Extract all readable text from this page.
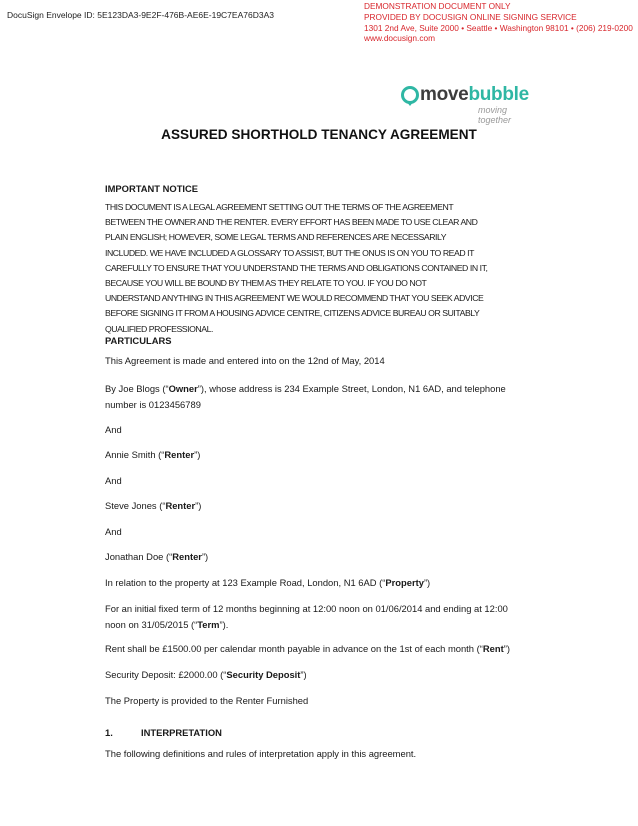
DocuSign Envelope ID: 5E123DA3-9E2F-476B-AE6E-19C7EA76D3A3
DEMONSTRATION DOCUMENT ONLY
PROVIDED BY DOCUSIGN ONLINE SIGNING SERVICE
1301 2nd Ave, Suite 2000 • Seattle • Washington 98101 • (206) 219-0200
www.docusign.com
movebubble
moving together
ASSURED SHORTHOLD TENANCY AGREEMENT

IMPORTANT NOTICE

THIS DOCUMENT IS A LEGAL AGREEMENT SETTING OUT THE TERMS OF THE AGREEMENT
BETWEEN THE OWNER AND THE RENTER. EVERY EFFORT HAS BEEN MADE TO USE CLEAR AND
PLAIN ENGLISH; HOWEVER, SOME LEGAL TERMS AND REFERENCES ARE NECESSARILY
INCLUDED. WE HAVE INCLUDED A GLOSSARY TO ASSIST, BUT THE ONUS IS ON YOU TO READ IT
CAREFULLY TO ENSURE THAT YOU UNDERSTAND THE TERMS AND OBLIGATIONS CONTAINED IN IT,
BECAUSE YOU WILL BE BOUND BY THEM AS THEY RELATE TO YOU. IF YOU DO NOT
UNDERSTAND ANYTHING IN THIS AGREEMENT WE WOULD RECOMMEND THAT YOU SEEK ADVICE
BEFORE SIGNING IT FROM A HOUSING ADVICE CENTRE, CITIZENS ADVICE BUREAU OR SUITABLY
QUALIFIED PROFESSIONAL.

PARTICULARS

This Agreement is made and entered into on the 12nd of May, 2014

By Joe Blogs (“Owner”), whose address is 234 Example Street, London, N1 6AD, and telephone
number is 0123456789

And

Annie Smith (“Renter”)

And

Steve Jones (“Renter”)

And

Jonathan Doe (“Renter”)

In relation to the property at 123 Example Road, London, N1 6AD (“Property”)

For an initial fixed term of 12 months beginning at 12:00 noon on 01/06/2014 and ending at 12:00
noon on 31/05/2015 (“Term”).

Rent shall be £1500.00 per calendar month payable in advance on the 1st of each month (“Rent”)

Security Deposit: £2000.00 (“Security Deposit”)

The Property is provided to the Renter Furnished

1.	INTERPRETATION

The following definitions and rules of interpretation apply in this agreement.
